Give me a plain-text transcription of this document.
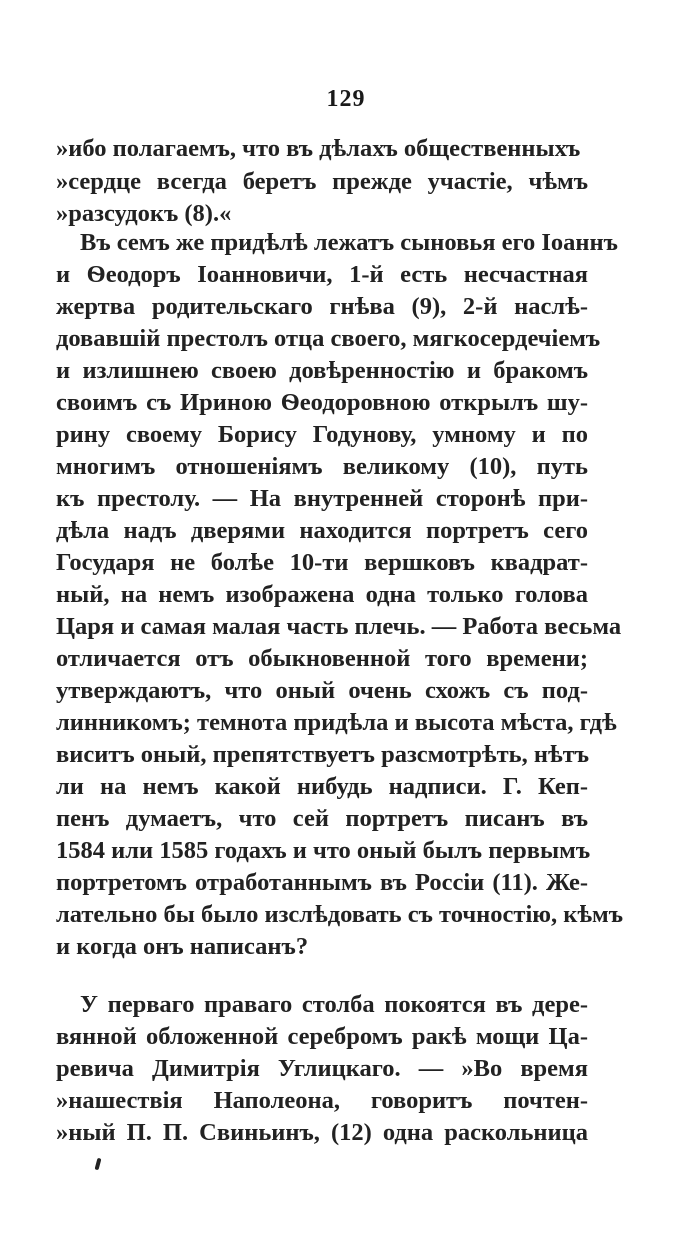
129
»ибо полагаемъ, что въ дѣлахъ общественныхъ
»сердце всегда беретъ прежде участіе, чѣмъ
»разсудокъ (8).«
Въ семъ же придѣлѣ лежатъ сыновья его Іоаннъ
и Ѳеодоръ Іоанновичи, 1-й есть несчастная
жертва родительскаго гнѣва (9), 2-й наслѣ-
довавшій престолъ отца своего, мягкосердечіемъ
и излишнею своею довѣренностію и бракомъ
своимъ съ Ириною Ѳеодоровною открылъ шу-
рину своему Борису Годунову, умному и по
многимъ отношеніямъ великому (10), путь
къ престолу. — На внутренней сторонѣ при-
дѣла надъ дверями находится портретъ сего
Государя не болѣе 10-ти вершковъ квадрат-
ный, на немъ изображена одна только голова
Царя и самая малая часть плечь. — Работа весьма
отличается отъ обыкновенной того времени;
утверждаютъ, что оный очень схожъ съ под-
линникомъ; темнота придѣла и высота мѣста, гдѣ
виситъ оный, препятствуетъ разсмотрѣть, нѣтъ
ли на немъ какой нибудь надписи. Г. Кеп-
пенъ думаетъ, что сей портретъ писанъ въ
1584 или 1585 годахъ и что оный былъ первымъ
портретомъ отработаннымъ въ Россіи (11). Же-
лательно бы было изслѣдовать съ точностію, кѣмъ
и когда онъ написанъ?
У перваго праваго столба покоятся въ дере-
вянной обложенной серебромъ ракѣ мощи Ца-
ревича Димитрія Углицкаго. — »Во время
»нашествія Наполеона, говоритъ почтен-
»ный П. П. Свиньинъ, (12) одна раскольница
